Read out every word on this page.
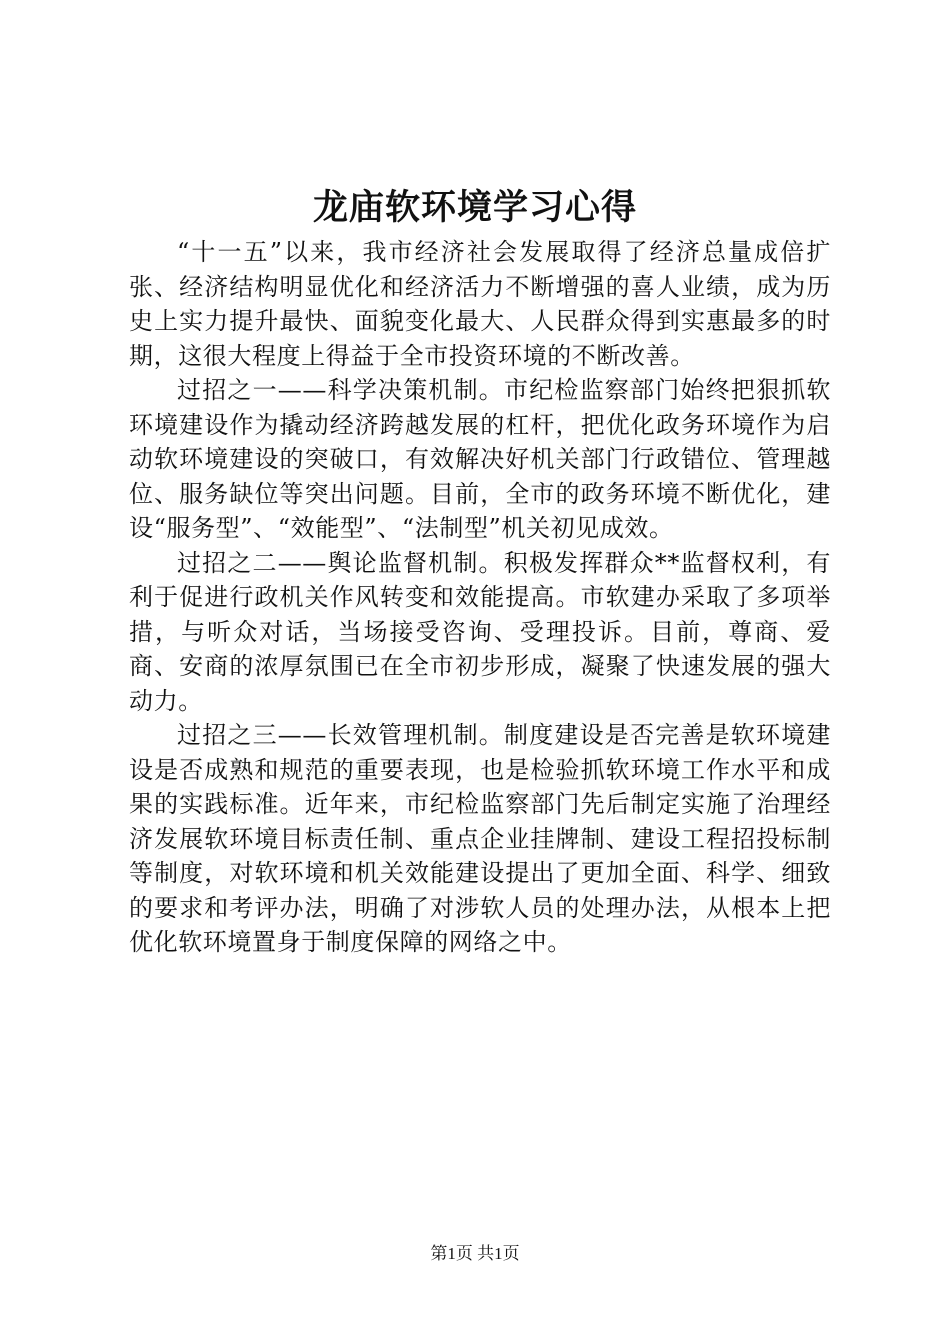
龙庙软环境学习心得

“十一五”以来，我市经济社会发展取得了经济总量成倍扩张、经济结构明显优化和经济活力不断增强的喜人业绩，成为历史上实力提升最快、面貌变化最大、人民群众得到实惠最多的时期，这很大程度上得益于全市投资环境的不断改善。

过招之一——科学决策机制。市纪检监察部门始终把狠抓软环境建设作为撬动经济跨越发展的杠杆，把优化政务环境作为启动软环境建设的突破口，有效解决好机关部门行政错位、管理越位、服务缺位等突出问题。目前，全市的政务环境不断优化，建设“服务型”、“效能型”、“法制型”机关初见成效。

过招之二——舆论监督机制。积极发挥群众**监督权利，有利于促进行政机关作风转变和效能提高。市软建办采取了多项举措，与听众对话，当场接受咨询、受理投诉。目前，尊商、爱商、安商的浓厚氛围已在全市初步形成，凝聚了快速发展的强大动力。

过招之三——长效管理机制。制度建设是否完善是软环境建设是否成熟和规范的重要表现，也是检验抓软环境工作水平和成果的实践标准。近年来，市纪检监察部门先后制定实施了治理经济发展软环境目标责任制、重点企业挂牌制、建设工程招投标制等制度，对软环境和机关效能建设提出了更加全面、科学、细致的要求和考评办法，明确了对涉软人员的处理办法，从根本上把优化软环境置身于制度保障的网络之中。

第1页 共1页
